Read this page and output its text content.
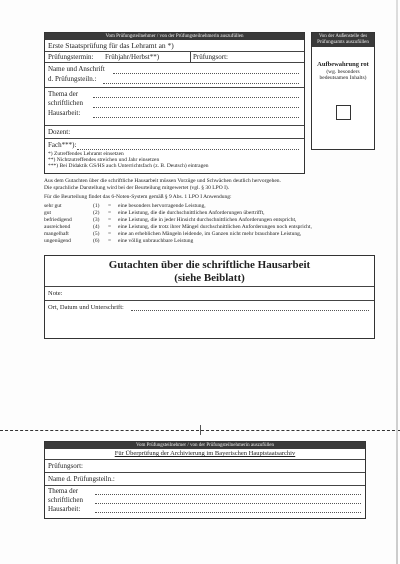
Vom Prüfungsteilnehmer / von der Prüfungsteilnehmerin auszufüllen
Erste Staatsprüfung für das Lehramt an *)
Prüfungstermin: Frühjahr/Herbst**)	Prüfungsort:
Name und Anschrift
d. Prüfungsteiln.:
Thema der
schriftlichen
Hausarbeit:
Dozent:
Fach***):
*) Zutreffendes Lehramt einsetzen
**) Nichtzutreffendes streichen und Jahr einsetzen
***) Bei Didaktik GS/HS auch Unterrichtsfach (z. B. Deutsch) eintragen
Von der Außenstelle des Prüfungsamts auszufüllen
Aufbewahrung rot
(wg. besonders bedeutsamen Inhalts)
Aus dem Gutachten über die schriftliche Hausarbeit müssen Vorzüge und Schwächen deutlich hervorgehen.
Die sprachliche Darstellung wird bei der Beurteilung mitgewertet (vgl. § 30 LPO I).
Für die Beurteilung findet das 6-Noten-System gemäß § 9 Abs. 1 LPO I Anwendung:
sehr gut	(1) = eine besonders hervorragende Leistung,
gut	(2) = eine Leistung, die die durchschnittlichen Anforderungen übertrifft,
befriedigend	(3) = eine Leistung, die in jeder Hinsicht durchschnittlichen Anforderungen entspricht,
ausreichend	(4) = eine Leistung, die trotz ihrer Mängel durchschnittlichen Anforderungen noch entspricht,
mangelhaft	(5) = eine an erheblichen Mängeln leidende, im Ganzen nicht mehr brauchbare Leistung,
ungenügend	(6) = eine völlig unbrauchbare Leistung
Gutachten über die schriftliche Hausarbeit
(siehe Beiblatt)
Note:
Ort, Datum und Unterschrift:
Vom Prüfungsteilnehmer / von der Prüfungsteilnehmerin auszufüllen
Für Überprüfung der Archivierung im Bayerischen Hauptstaatsarchiv
Prüfungsort:
Name d. Prüfungsteiln.:
Thema der
schriftlichen
Hausarbeit:
